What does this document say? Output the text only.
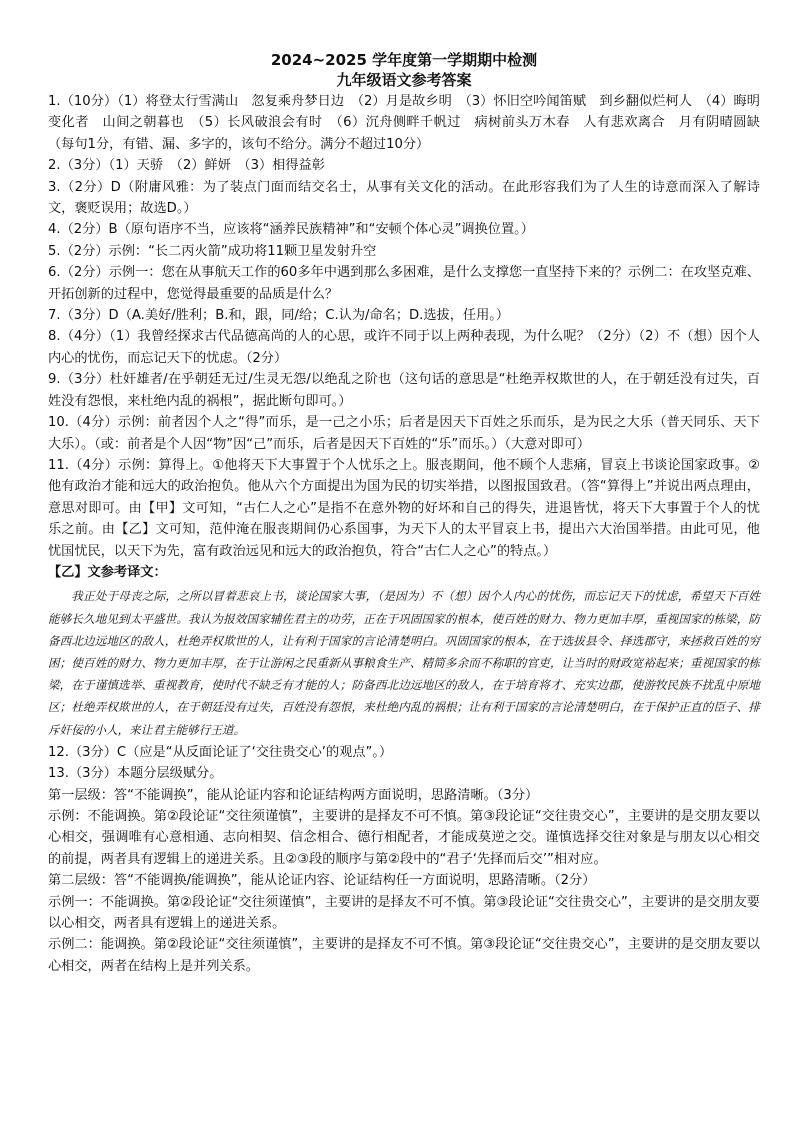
2024~2025 学年度第一学期期中检测
九年级语文参考答案
1.（10分）（1）将登太行雪满山　忽复乘舟梦日边　（2）月是故乡明　（3）怀旧空吟闻笛赋　到乡翻似烂柯人　（4）晦明变化者　山间之朝暮也　（5）长风破浪会有时　（6）沉舟侧畔千帆过　病树前头万木春　人有悲欢离合　月有阴晴圆缺（每句1分，有错、漏、多字的，该句不给分。满分不超过10分）
2.（3分）（1）天骄　（2）鲜妍　（3）相得益彰
3.（2分）D（附庸风雅：为了装点门面而结交名士，从事有关文化的活动。在此形容我们为了人生的诗意而深入了解诗文，褒贬误用；故选D。）
4.（2分）B（原句语序不当，应该将“涵养民族精神”和“安顿个体心灵”调换位置。）
5.（2分）示例：“长二丙火箭”成功将11颗卫星发射升空
6.（2分）示例一：您在从事航天工作的60多年中遇到那么多困难，是什么支撑您一直坚持下来的？示例二：在攻坚克难、开拓创新的过程中，您觉得最重要的品质是什么？
7.（3分）D（A.美好/胜利；B.和，跟，同/给；C.认为/命名；D.选拔，任用。）
8.（4分）（1）我曾经探求古代品德高尚的人的心思，或许不同于以上两种表现，为什么呢？（2分）（2）不（想）因个人内心的忧伤，而忘记天下的忧虑。（2分）
9.（3分）杜奸雄者/在乎朝廷无过/生灵无怨/以绝乱之阶也（这句话的意思是“杜绝弄权欺世的人，在于朝廷没有过失，百姓没有怨恨，来杜绝内乱的祸根”，据此断句即可。）
10.（4分）示例：前者因个人之“得”而乐，是一己之小乐；后者是因天下百姓之乐而乐，是为民之大乐（普天同乐、天下大乐）。（或：前者是个人因“物”因“己”而乐，后者是因天下百姓的“乐”而乐。）（大意对即可）
11.（4分）示例：算得上。①他将天下大事置于个人忧乐之上。服丧期间，他不顾个人悲痛，冒哀上书谈论国家政事。②他有政治才能和远大的政治抱负。他从六个方面提出为国为民的切实举措，以图报国致君。（答“算得上”并说出两点理由，意思对即可。由【甲】文可知，“古仁人之心”是指不在意外物的好坏和自己的得失，进退皆忧，将天下大事置于个人的忧乐之前。由【乙】文可知，范仲淹在服丧期间仍心系国事，为天下人的太平冒哀上书，提出六大治国举措。由此可见，他忧国忧民，以天下为先，富有政治远见和远大的政治抱负，符合“古仁人之心”的特点。）
【乙】文参考译文：
我正处于母丧之际，之所以冒着悲哀上书，谈论国家大事，（是因为）不（想）因个人内心的忧伤，而忘记天下的忧虑，希望天下百姓能够长久地见到太平盛世。我认为报效国家辅佐君主的功劳，正在于巩固国家的根本，使百姓的财力、物力更加丰厚，重视国家的栋梁，防备西北边远地区的敌人，杜绝弄权欺世的人，让有利于国家的言论清楚明白。巩固国家的根本，在于选拔县令、择选郡守，来拯救百姓的穷困；使百姓的财力、物力更加丰厚，在于让游闲之民重新从事粮食生产、精简多余而不称职的官吏，让当时的财政宽裕起来；重视国家的栋梁，在于谨慎选举、重视教育，使时代不缺乏有才能的人；防备西北边远地区的敌人，在于培育将才、充实边郡，使游牧民族不扰乱中原地区；杜绝弄权欺世的人，在于朝廷没有过失，百姓没有怨恨，来杜绝内乱的祸根；让有利于国家的言论清楚明白，在于保护正直的臣子、排斥奸佞的小人，来让君主能够行王道。
12.（3分）C（应是“从反面论证了‘交往贵交心’的观点”。）
13.（3分）本题分层级赋分。
第一层级：答“不能调换”，能从论证内容和论证结构两方面说明，思路清晰。（3分）
示例：不能调换。第②段论证“交往须谨慎”，主要讲的是择友不可不慎。第③段论证“交往贵交心”，主要讲的是交朋友要以心相交，强调唯有心意相通、志向相契、信念相合、德行相配者，才能成莫逆之交。谨慎选择交往对象是与朋友以心相交的前提，两者具有逻辑上的递进关系。且②③段的顺序与第②段中的“君子‘先择而后交’”相对应。
第二层级：答“不能调换/能调换”，能从论证内容、论证结构任一方面说明，思路清晰。（2分）
示例一：不能调换。第②段论证“交往须谨慎”，主要讲的是择友不可不慎。第③段论证“交往贵交心”，主要讲的是交朋友要以心相交，两者具有逻辑上的递进关系。
示例二：能调换。第②段论证“交往须谨慎”，主要讲的是择友不可不慎。第③段论证“交往贵交心”，主要讲的是交朋友要以心相交，两者在结构上是并列关系。
